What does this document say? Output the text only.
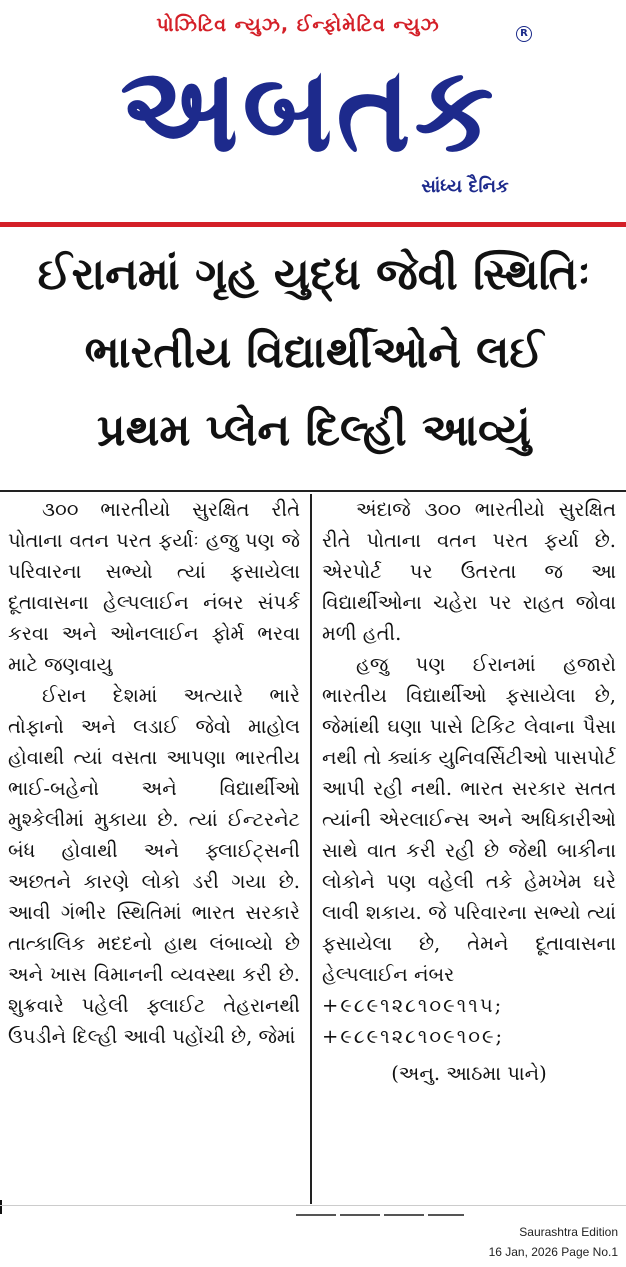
પોઝિટિવ ન્યુઝ, ઈન્ફોમેટિવ ન્યુઝ	R
અબતક
સાંધ્ય દૈનિક
ઈરાનમાં ગૃહ યુદ્ધ જેવી સ્થિતિઃ
ભારતીય વિદ્યાર્થીઓને લઈ
પ્રથમ પ્લેન દિલ્હી આવ્યું

૩૦૦ ભારતીયો સુરક્ષિત રીતે પોતાના વતન પરત ફર્યાઃ હજુ પણ જે પરિવારના સભ્યો ત્યાં ફસાયેલા દૂતાવાસના હેલ્પલાઈન નંબર સંપર્ક કરવા અને ઓનલાઈન ફોર્મ ભરવા માટે જણવાયુ

ઈરાન દેશમાં અત્યારે ભારે તોફાનો અને લડાઈ જેવો માહોલ હોવાથી ત્યાં વસતા આપણા ભારતીય ભાઈ-બહેનો અને વિદ્યાર્થીઓ મુશ્કેલીમાં મુકાયા છે. ત્યાં ઈન્ટરનેટ બંધ હોવાથી અને ફ્લાઈટ્સની અછતને કારણે લોકો ડરી ગયા છે. આવી ગંભીર સ્થિતિમાં ભારત સરકારે તાત્કાલિક મદદનો હાથ લંબાવ્યો છે અને ખાસ વિમાનની વ્યવસ્થા કરી છે. શુક્રવારે પહેલી ફ્લાઈટ તેહરાનથી ઉપડીને દિલ્હી આવી પહોંચી છે, જેમાં

અંદાજે ૩૦૦ ભારતીયો સુરક્ષિત રીતે પોતાના વતન પરત ફર્યા છે. એરપોર્ટ પર ઉતરતા જ આ વિદ્યાર્થીઓના ચહેરા પર રાહત જોવા મળી હતી.

હજુ પણ ઈરાનમાં હજારો ભારતીય વિદ્યાર્થીઓ ફસાયેલા છે, જેમાંથી ઘણા પાસે ટિકિટ લેવાના પૈસા નથી તો ક્યાંક યુનિવર્સિટીઓ પાસપોર્ટ આપી રહી નથી. ભારત સરકાર સતત ત્યાંની એરલાઈન્સ અને અધિકારીઓ સાથે વાત કરી રહી છે જેથી બાકીના લોકોને પણ વહેલી તકે હેમખેમ ઘરે લાવી શકાય. જે પરિવારના સભ્યો ત્યાં ફસાયેલા છે, તેમને દૂતાવાસના હેલ્પલાઈન નંબર

+૯૮૯૧૨૮૧૦૯૧૧૫;

+૯૮૯૧૨૮૧૦૯૧૦૯;

(અનુ. આઠમા પાને)

Saurashtra Edition
16 Jan, 2026 Page No.1
